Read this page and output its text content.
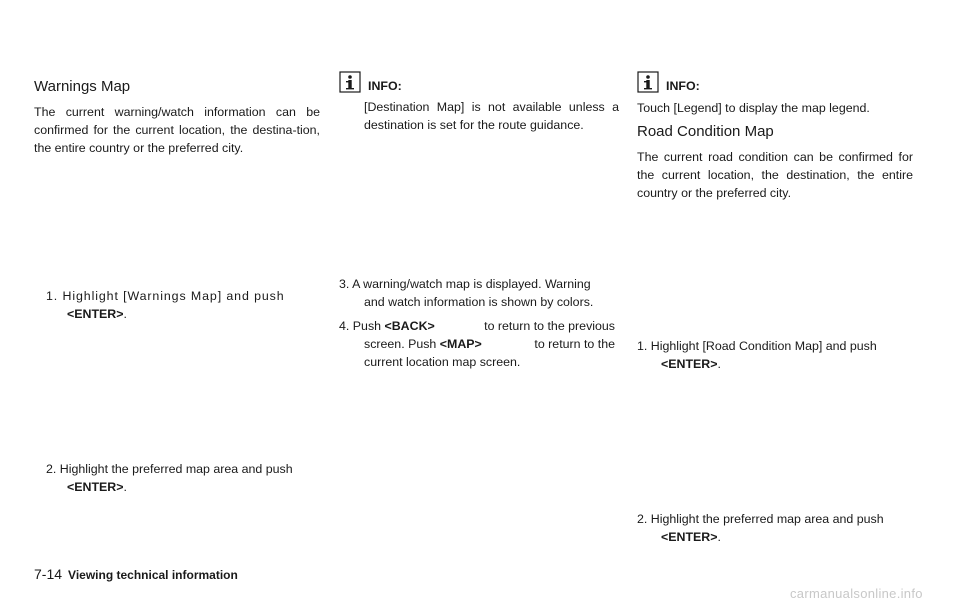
Warnings Map

The current warning/watch information can be confirmed for the current location, the destina-tion, the entire country or the preferred city.

1. Highlight [Warnings Map] and push

<ENTER>.

2. Highlight the preferred map area and push

<ENTER>.

INFO:

[Destination Map] is not available unless a destination is set for the route guidance.

3. A warning/watch map is displayed. Warning

and watch information is shown by colors.

4. Push <BACK>	to return to the previous

screen. Push <MAP>	to return to the

current location map screen.

INFO:

Touch [Legend] to display the map legend.

Road Condition Map

The current road condition can be confirmed for the current location, the destination, the entire country or the preferred city.

1. Highlight [Road Condition Map] and push

<ENTER>.

2. Highlight the preferred map area and push

<ENTER>.

7-14 Viewing technical information
carmanualsonline.info
